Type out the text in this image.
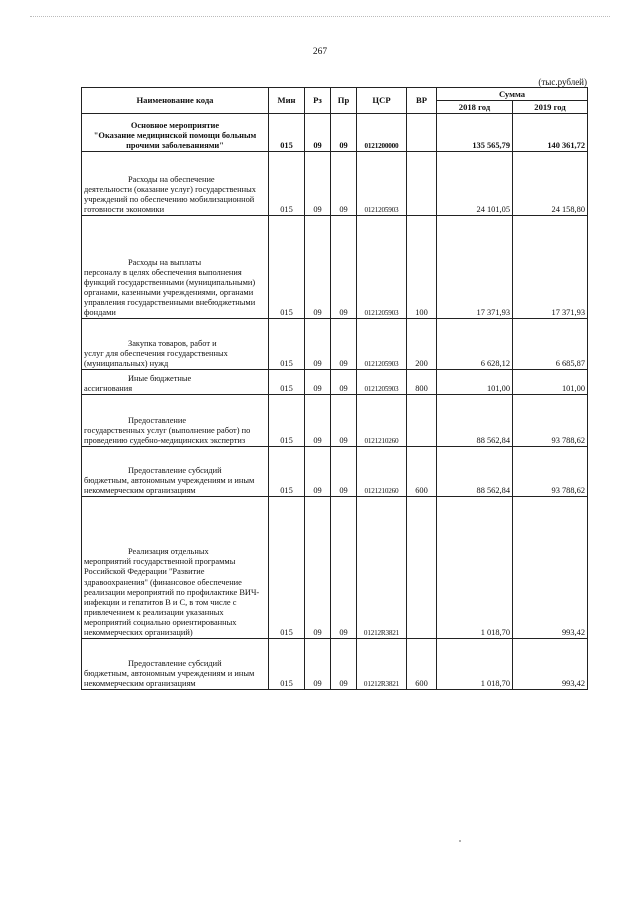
267
(тыс.рублей)
Наименование кода	Мин	Рз	Пр	ЦСР	ВР	Сумма	
						2018 год	2019 год
Основное мероприятие
"Оказание медицинской помощи больным прочими заболеваниями"	015	09	09	0121200000		135 565,79	140 361,72

Расходы на обеспечение
деятельности (оказание услуг) государственных учреждений по обеспечению мобилизационной готовности экономики	015	09	09	0121205903		24 101,05	24 158,80

Расходы на выплаты
персоналу в целях обеспечения выполнения функций государственными (муниципальными) органами, казенными учреждениями, органами управления государственными внебюджетными фондами	015	09	09	0121205903	100	17 371,93	17 371,93

Закупка товаров, работ и
услуг для обеспечения государственных (муниципальных) нужд	015	09	09	0121205903	200	6 628,12	6 685,87

Иные бюджетные
ассигнования	015	09	09	0121205903	800	101,00	101,00

Предоставление
государственных услуг (выполнение работ) по проведению судебно-медицинских экспертиз	015	09	09	0121210260		88 562,84	93 788,62

Предоставление субсидий
бюджетным, автономным учреждениям и иным некоммерческим организациям	015	09	09	0121210260	600	88 562,84	93 788,62

Реализация отдельных
мероприятий государственной программы Российской Федерации "Развитие здравоохранения" (финансовое обеспечение реализации мероприятий по профилактике ВИЧ-инфекции и гепатитов В и С, в том числе с привлечением к реализации указанных мероприятий социально ориентированных некоммерческих организаций)	015	09	09	01212R3821		1 018,70	993,42

Предоставление субсидий
бюджетным, автономным учреждениям и иным некоммерческим организациям	015	09	09	01212R3821	600	1 018,70	993,42
